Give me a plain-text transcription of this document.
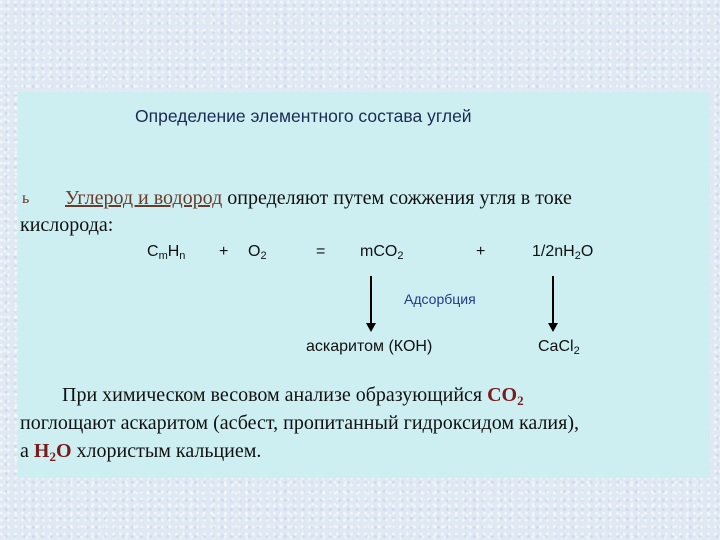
Определение элементного состава углей
ь Углерод и водород определяют путем сожжения угля в токе
кислорода:
$C_mH_n + O_2$	= mCO$_2$	+	$1/2nH_2O$
Адсорбция
аскаритом (КОН)	CaCl$_2$
При химическом весовом анализе образующийся $CO_2$
поглощают аскаритом (асбест, пропитанный гидроксидом калия),
а $H_2O$ хлористым кальцием.
